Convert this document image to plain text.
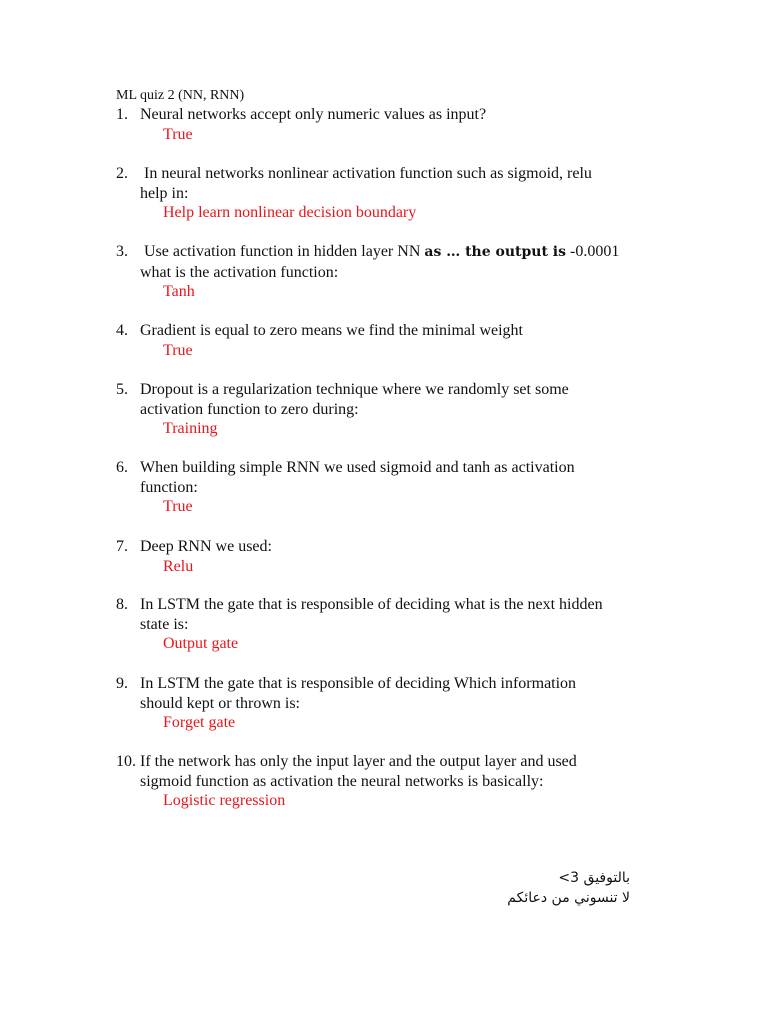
ML quiz 2 (NN, RNN)
1. Neural networks accept only numeric values as input?
True
2. In neural networks nonlinear activation function such as sigmoid, relu
help in:
Help learn nonlinear decision boundary
3. Use activation function in hidden layer NN as … the output is -0.0001
what is the activation function:
Tanh
4. Gradient is equal to zero means we find the minimal weight
True
5. Dropout is a regularization technique where we randomly set some
activation function to zero during:
Training
6. When building simple RNN we used sigmoid and tanh as activation
function:
True
7. Deep RNN we used:
Relu
8. In LSTM the gate that is responsible of deciding what is the next hidden
state is:
Output gate
9. In LSTM the gate that is responsible of deciding Which information
should kept or thrown is:
Forget gate
10. If the network has only the input layer and the output layer and used
sigmoid function as activation the neural networks is basically:
Logistic regression
بالتوفيق 3>
لا تنسوني من دعائكم
